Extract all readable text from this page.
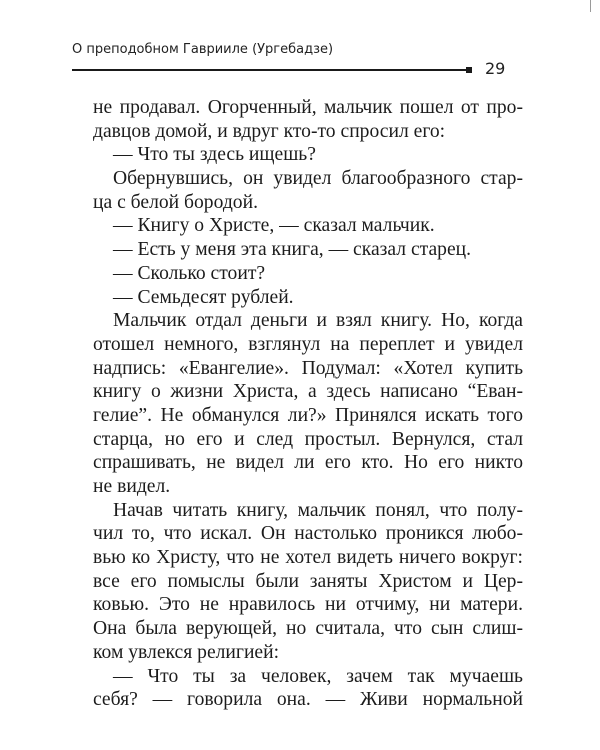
О преподобном Гаврииле (Ургебадзе)
29
не продавал. Огорченный, мальчик пошел от про-
давцов домой, и вдруг кто-то спросил его:
— Что ты здесь ищешь?
Обернувшись, он увидел благообразного стар-
ца с белой бородой.
— Книгу о Христе, — сказал мальчик.
— Есть у меня эта книга, — сказал старец.
— Сколько стоит?
— Семьдесят рублей.
Мальчик отдал деньги и взял книгу. Но, когда
отошел немного, взглянул на переплет и увидел
надпись: «Евангелие». Подумал: «Хотел купить
книгу о жизни Христа, а здесь написано “Еван-
гелие”. Не обманулся ли?» Принялся искать того
старца, но его и след простыл. Вернулся, стал
спрашивать, не видел ли его кто. Но его никто
не видел.
Начав читать книгу, мальчик понял, что полу-
чил то, что искал. Он настолько проникся любо-
вью ко Христу, что не хотел видеть ничего вокруг:
все его помыслы были заняты Христом и Цер-
ковью. Это не нравилось ни отчиму, ни матери.
Она была верующей, но считала, что сын слиш-
ком увлекся религией:
— Что ты за человек, зачем так мучаешь
себя? — говорила она. — Живи нормальной
